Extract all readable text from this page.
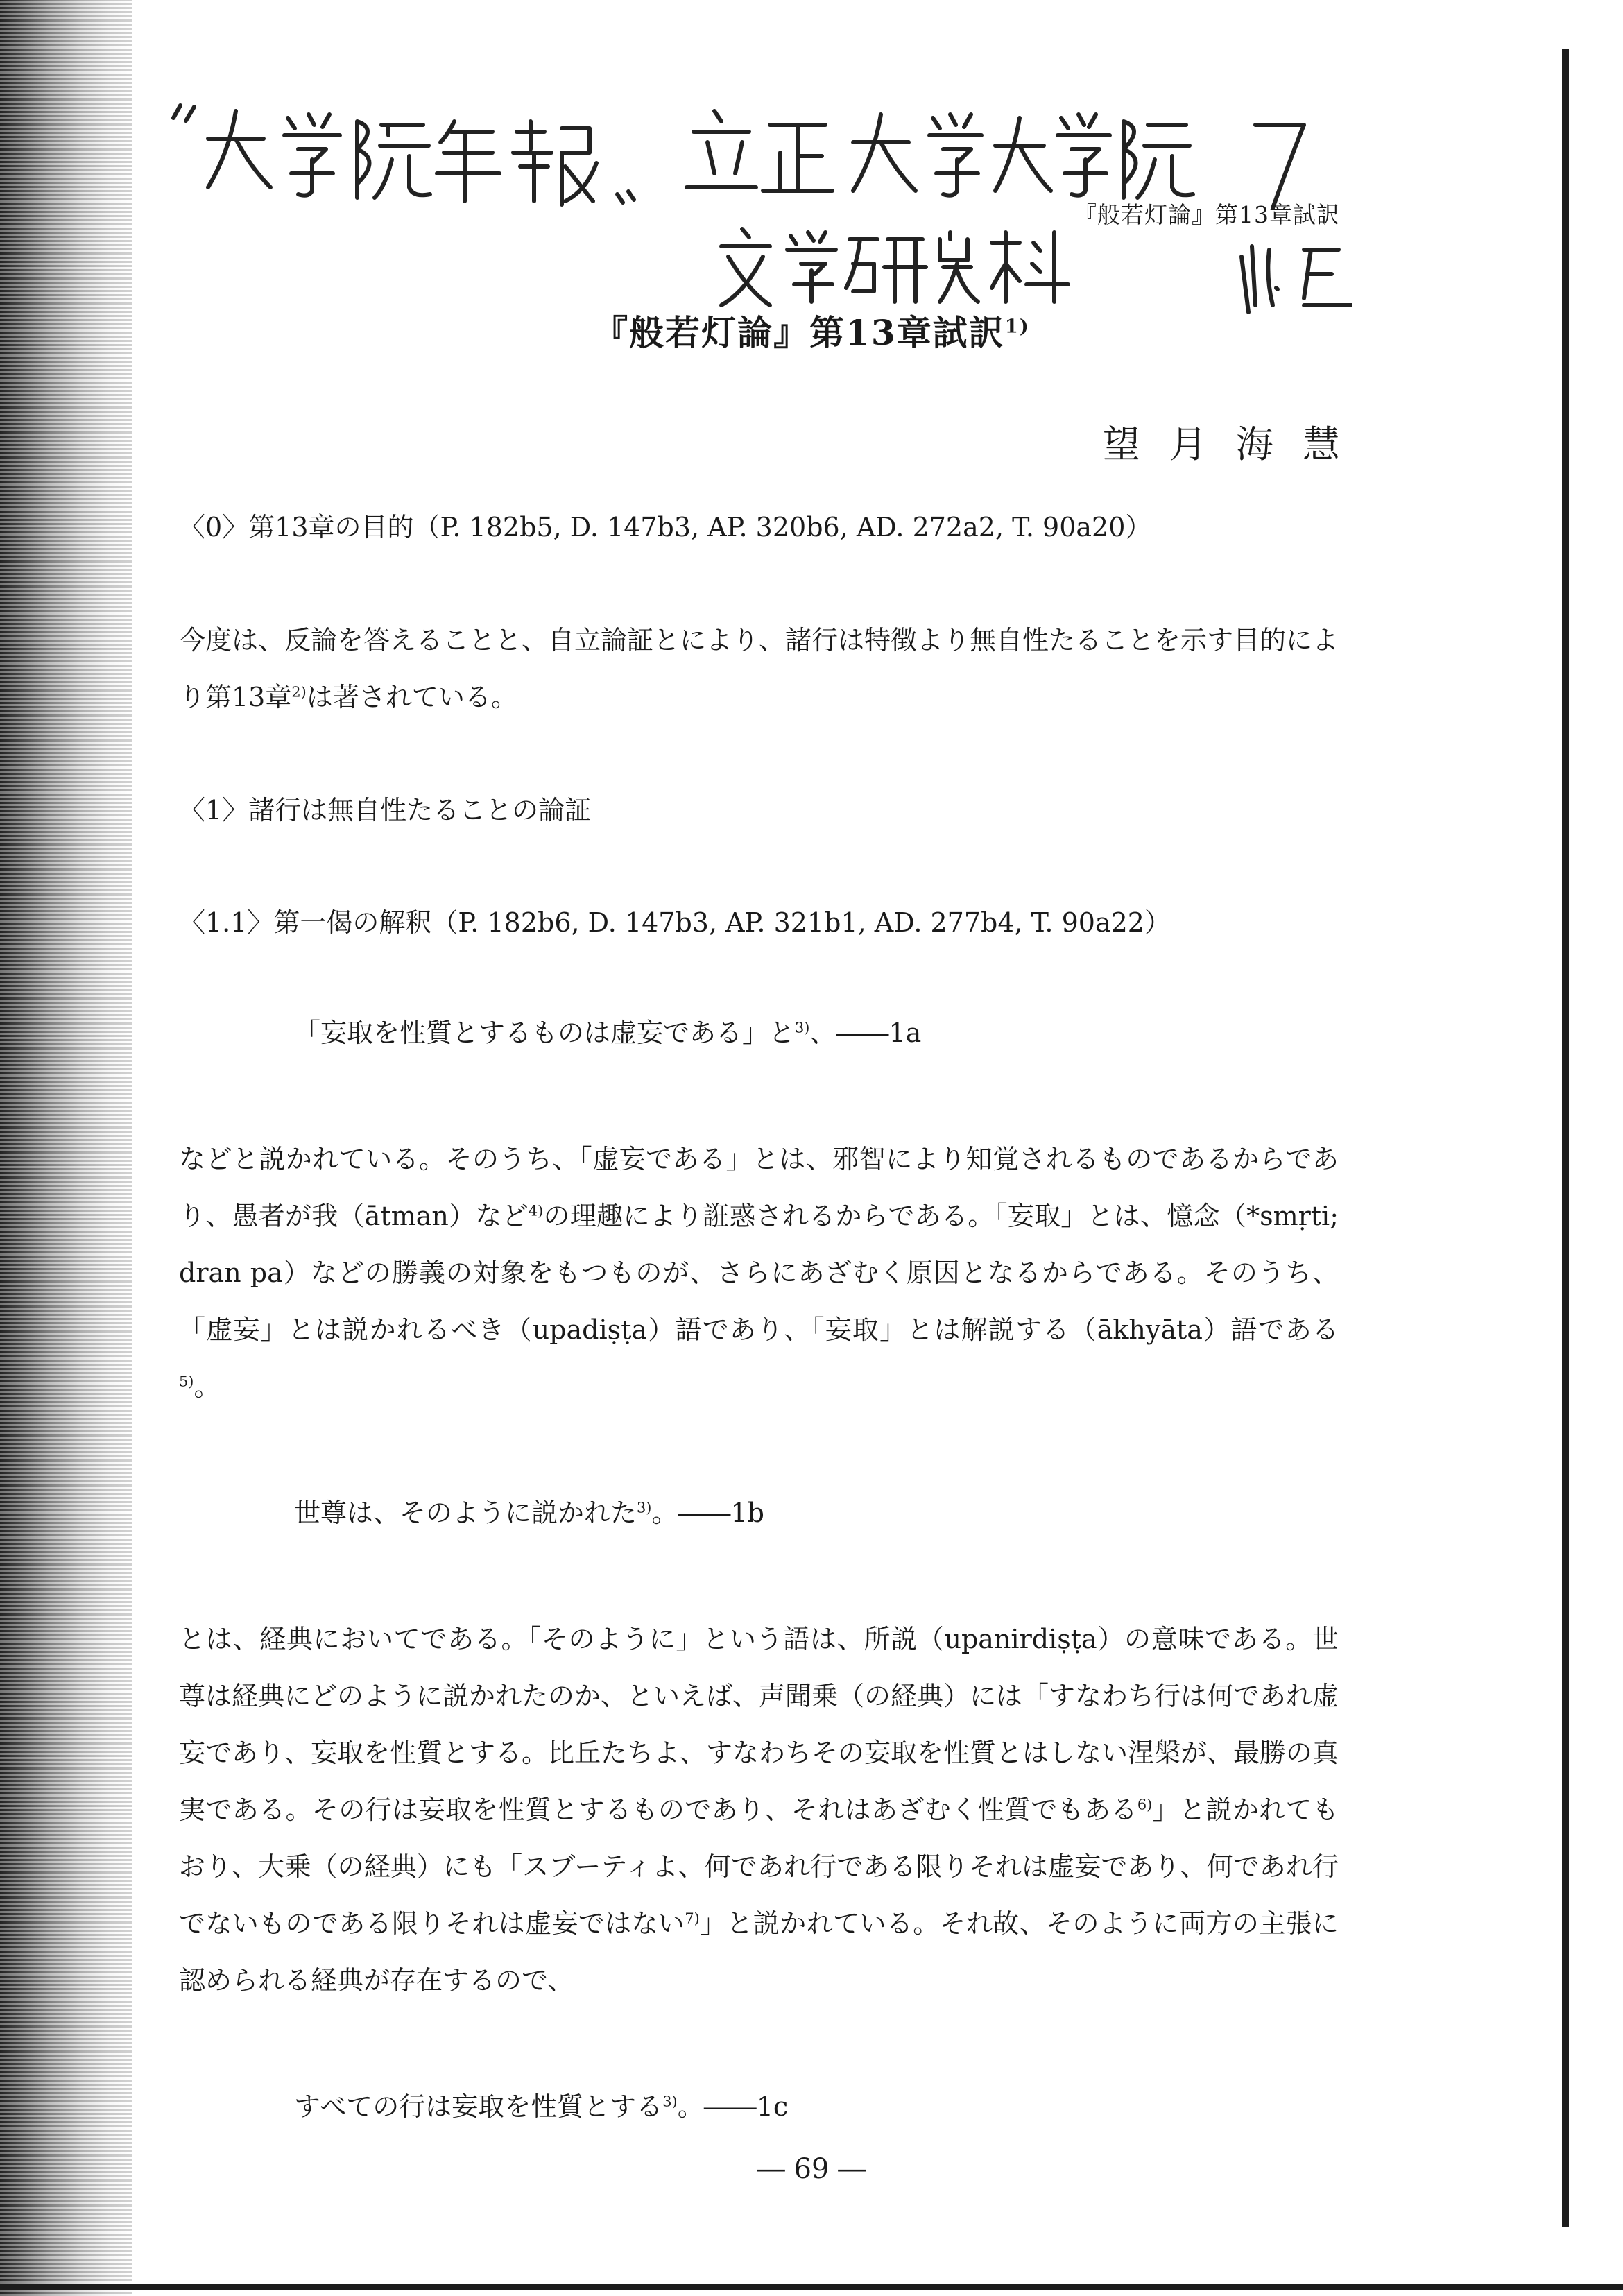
『般若灯論』第13章試訳
『般若灯論』第13章試訳$^{1)}$
望月海慧
〈0〉第13章の目的（P. 182b5, D. 147b3, AP. 320b6, AD. 272a2, T. 90a20）

今度は、反論を答えることと、自立論証とにより、諸行は特徴より無自性たることを示す目的により第13章$^{2)}$は著されている。

〈1〉諸行は無自性たることの論証
〈1.1〉第一偈の解釈（P. 182b6, D. 147b3, AP. 321b1, AD. 277b4, T. 90a22）
「妄取を性質とするものは虚妄である」と$^{3)}$、――1a

などと説かれている。そのうち、「虚妄である」とは、邪智により知覚されるものであるからであり、愚者が我（ātman）など$^{4)}$の理趣により誑惑されるからである。「妄取」とは、憶念（*smṛti; dran pa）などの勝義の対象をもつものが、さらにあざむく原因となるからである。そのうち、「虚妄」とは説かれるべき（upadiṣṭa）語であり、「妄取」とは解説する（ākhyāta）語である$^{5)}$。

世尊は、そのように説かれた$^{3)}$。――1b

とは、経典においてである。「そのように」という語は、所説（upanirdiṣṭa）の意味である。世尊は経典にどのように説かれたのか、といえば、声聞乗（の経典）には「すなわち行は何であれ虚妄であり、妄取を性質とする。比丘たちよ、すなわちその妄取を性質とはしない涅槃が、最勝の真実である。その行は妄取を性質とするものであり、それはあざむく性質でもある$^{6)}$」と説かれてもおり、大乗（の経典）にも「スブーティよ、何であれ行である限りそれは虚妄であり、何であれ行でないものである限りそれは虚妄ではない$^{7)}$」と説かれている。それ故、そのように両方の主張に認められる経典が存在するので、

すべての行は妄取を性質とする$^{3)}$。――1c
― 69 ―
